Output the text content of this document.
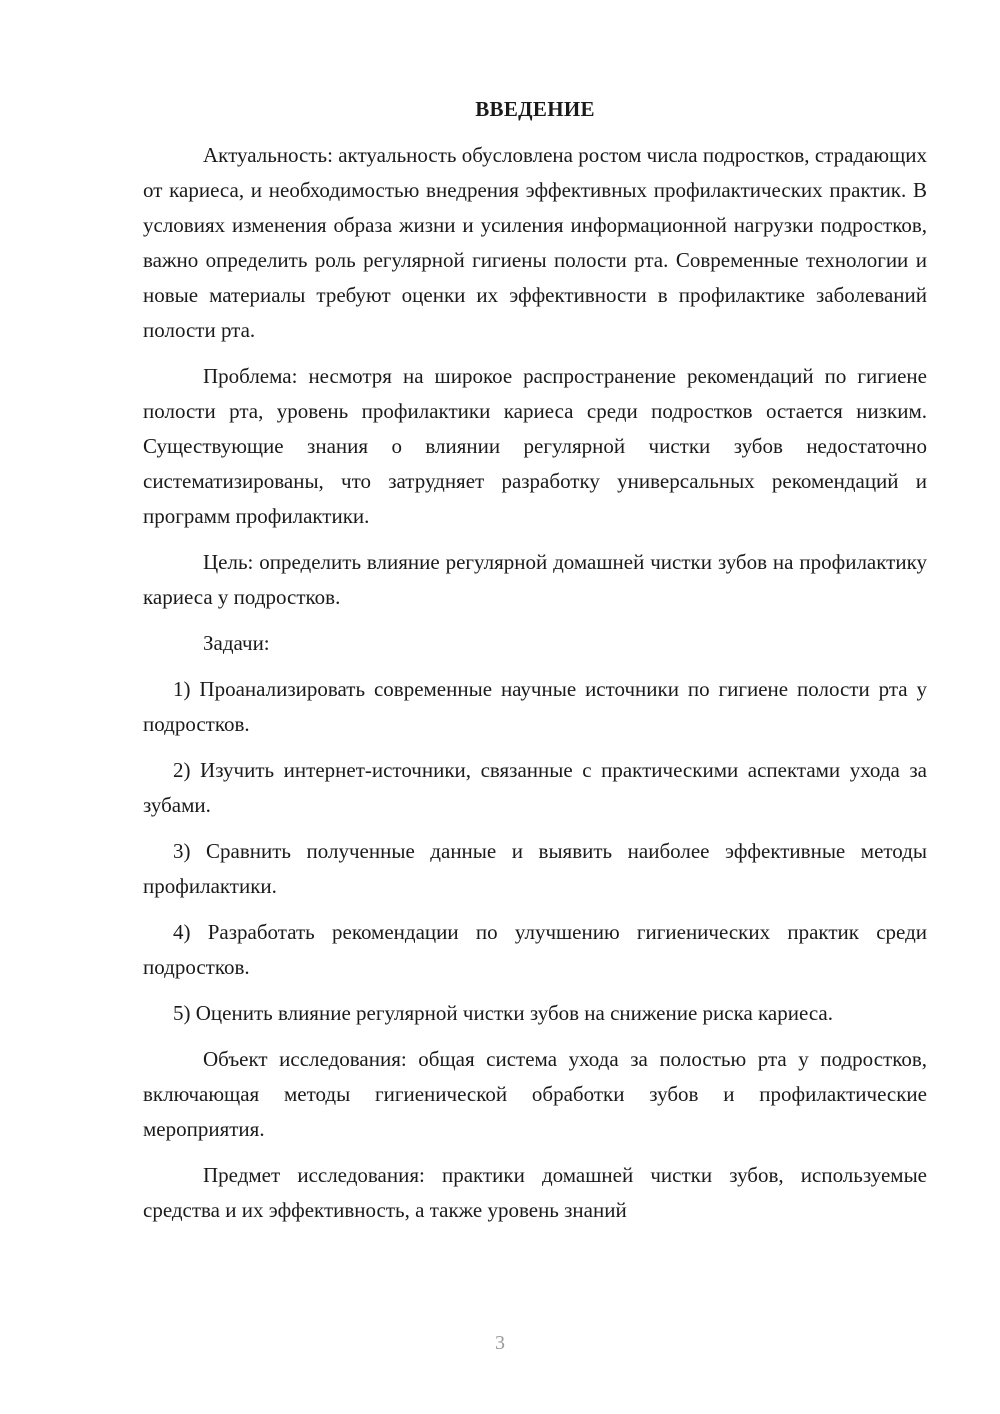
ВВЕДЕНИЕ

Актуальность: актуальность обусловлена ростом числа подростков, страдающих от кариеса, и необходимостью внедрения эффективных профилактических практик. В условиях изменения образа жизни и усиления информационной нагрузки подростков, важно определить роль регулярной гигиены полости рта. Современные технологии и новые материалы требуют оценки их эффективности в профилактике заболеваний полости рта.

Проблема: несмотря на широкое распространение рекомендаций по гигиене полости рта, уровень профилактики кариеса среди подростков остается низким. Существующие знания о влиянии регулярной чистки зубов недостаточно систематизированы, что затрудняет разработку универсальных рекомендаций и программ профилактики.

Цель: определить влияние регулярной домашней чистки зубов на профилактику кариеса у подростков.

Задачи:

1) Проанализировать современные научные источники по гигиене полости рта у подростков.

2) Изучить интернет-источники, связанные с практическими аспектами ухода за зубами.

3) Сравнить полученные данные и выявить наиболее эффективные методы профилактики.

4) Разработать рекомендации по улучшению гигиенических практик среди подростков.

5) Оценить влияние регулярной чистки зубов на снижение риска кариеса.

Объект исследования: общая система ухода за полостью рта у подростков, включающая методы гигиенической обработки зубов и профилактические мероприятия.

Предмет исследования: практики домашней чистки зубов, используемые средства и их эффективность, а также уровень знаний

3
